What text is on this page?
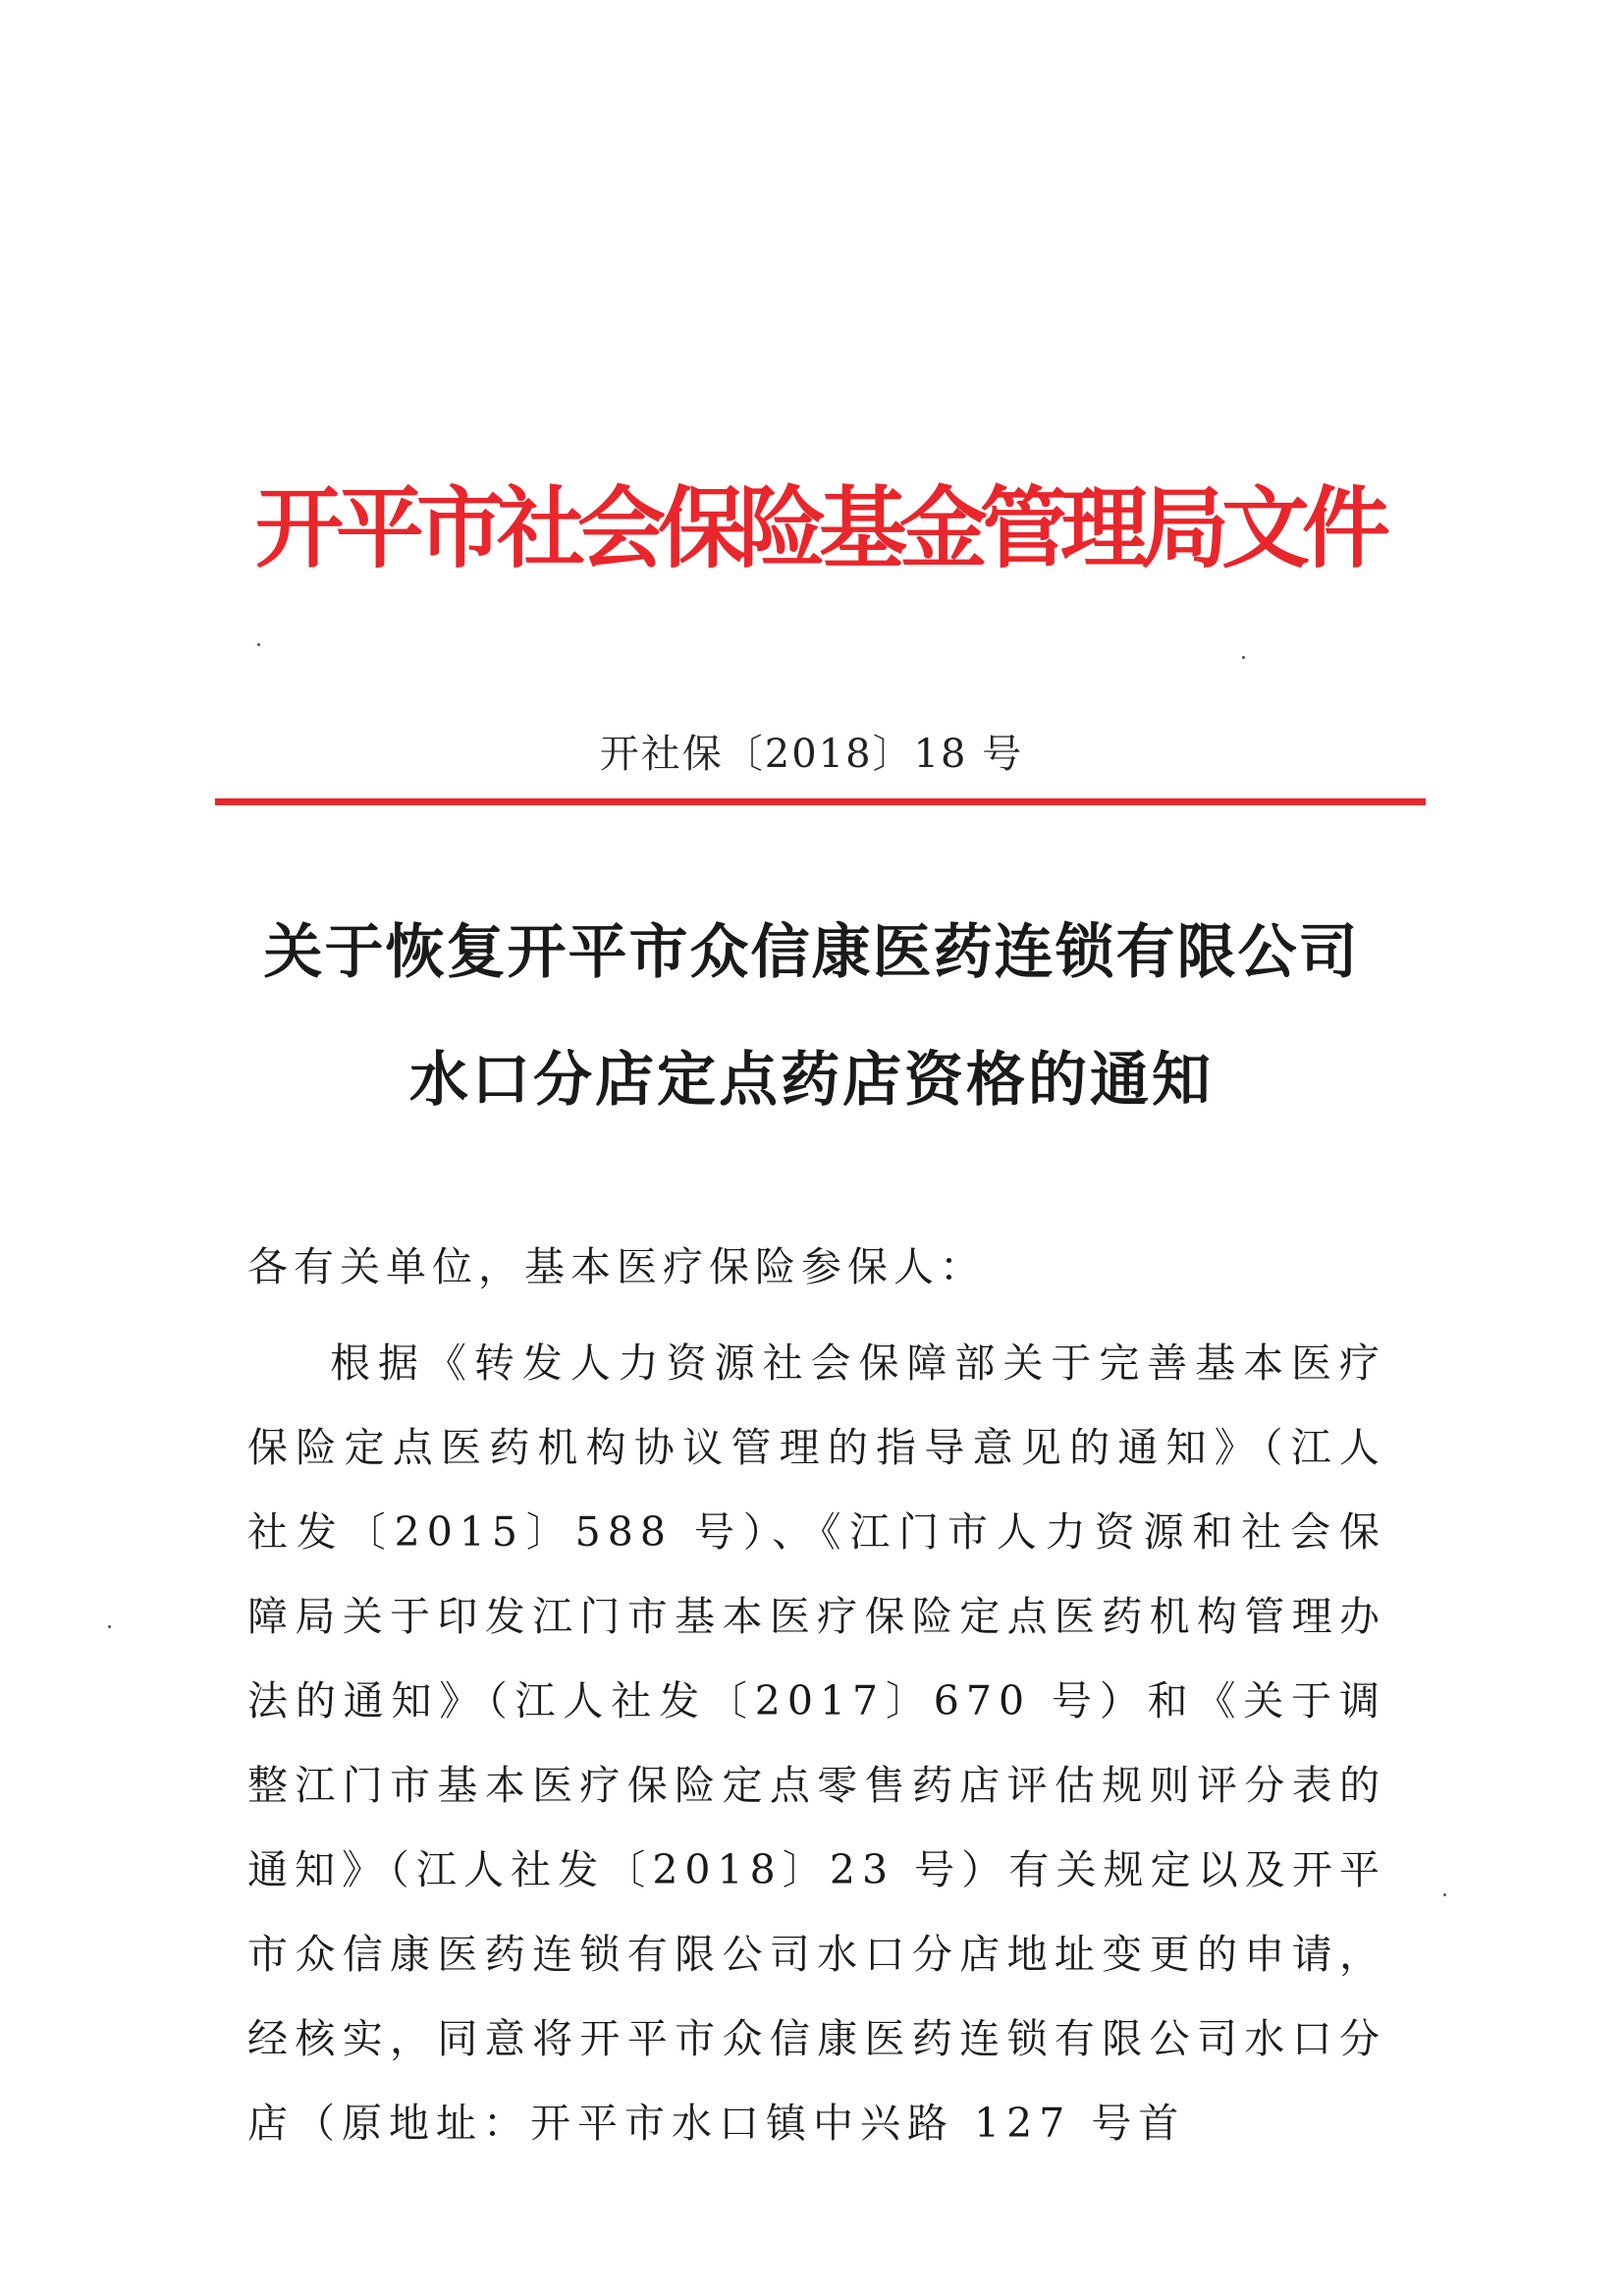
开平市社会保险基金管理局文件
开社保〔2018〕18 号
关于恢复开平市众信康医药连锁有限公司
水口分店定点药店资格的通知
各有关单位，基本医疗保险参保人：

根据《转发人力资源社会保障部关于完善基本医疗保险定点医药机构协议管理的指导意见的通知》（江人社发〔2015〕588 号）、《江门市人力资源和社会保障局关于印发江门市基本医疗保险定点医药机构管理办法的通知》（江人社发〔2017〕670 号）和《关于调整江门市基本医疗保险定点零售药店评估规则评分表的通知》（江人社发〔2018〕23 号）有关规定以及开平市众信康医药连锁有限公司水口分店地址变更的申请，经核实，同意将开平市众信康医药连锁有限公司水口分店（原地址：开平市水口镇中兴路 127 号首
